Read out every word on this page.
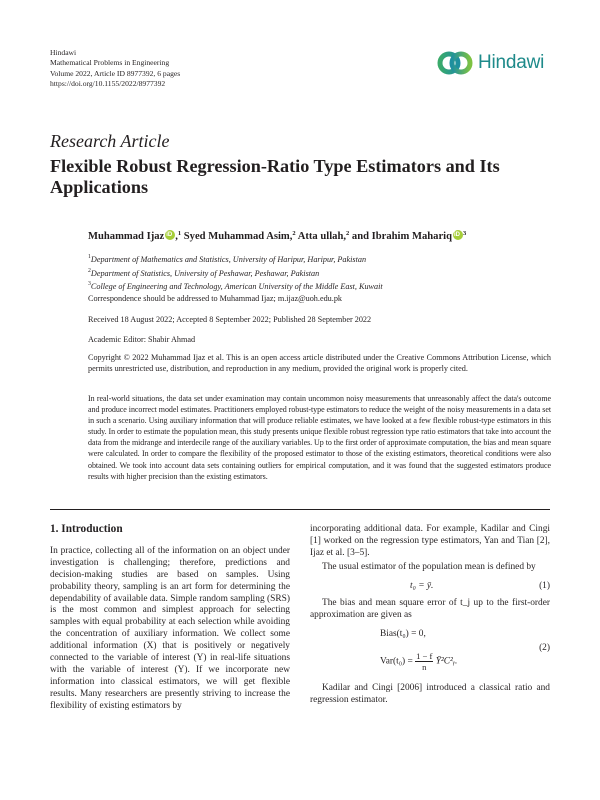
Hindawi
Mathematical Problems in Engineering
Volume 2022, Article ID 8977392, 6 pages
https://doi.org/10.1155/2022/8977392
Hindawi
Research Article
Flexible Robust Regression-Ratio Type Estimators and Its Applications
Muhammad Ijaz iD ,$^1$ Syed Muhammad Asim,$^2$ Atta ullah,$^2$ and Ibrahim Mahariq iD $^3$
$^1$Department of Mathematics and Statistics, University of Haripur, Haripur, Pakistan
$^2$Department of Statistics, University of Peshawar, Peshawar, Pakistan
$^3$College of Engineering and Technology, American University of the Middle East, Kuwait
Correspondence should be addressed to Muhammad Ijaz; m.ijaz@uoh.edu.pk
Received 18 August 2022; Accepted 8 September 2022; Published 28 September 2022
Academic Editor: Shabir Ahmad
Copyright © 2022 Muhammad Ijaz et al. This is an open access article distributed under the Creative Commons Attribution License, which permits unrestricted use, distribution, and reproduction in any medium, provided the original work is properly cited.
In real-world situations, the data set under examination may contain uncommon noisy measurements that unreasonably affect the data's outcome and produce incorrect model estimates. Practitioners employed robust-type estimators to reduce the weight of the noisy measurements in a data set in such a scenario. Using auxiliary information that will produce reliable estimates, we have looked at a few flexible robust-type estimators in this study. In order to estimate the population mean, this study presents unique flexible robust regression type ratio estimators that take into account the data from the midrange and interdecile range of the auxiliary variables. Up to the first order of approximate computation, the bias and mean square were calculated. In order to compare the flexibility of the proposed estimator to those of the existing estimators, theoretical conditions were also obtained. We took into account data sets containing outliers for empirical computation, and it was found that the suggested estimators produce results with higher precision than the existing estimators.
1. Introduction

In practice, collecting all of the information on an object under investigation is challenging; therefore, predictions and decision-making studies are based on samples. Using probability theory, sampling is an art form for determining the dependability of available data. Simple random sampling (SRS) is the most common and simplest approach for selecting samples with equal probability at each selection while avoiding the concentration of auxiliary information. We collect some additional information (X) that is positively or negatively connected to the variable of interest (Y) in real-life situations with the variable of interest (Y). If we incorporate new information into classical estimators, we will get flexible results. Many researchers are presently striving to increase the flexibility of existing estimators by

incorporating additional data. For example, Kadilar and Cingi [1] worked on the regression type estimators, Yan and Tian [2], Ijaz et al. [3–5].

The usual estimator of the population mean is defined by

t₀ = ȳ.	(1)

The bias and mean square error of t_j up to the first-order approximation are given as

Bias(t₀) = 0,
$Var(t_0) = \frac{1 - f}{n}$ Ȳ²C²ᵧ.
(2)

Kadilar and Cingi [2006] introduced a classical ratio and regression estimator.
